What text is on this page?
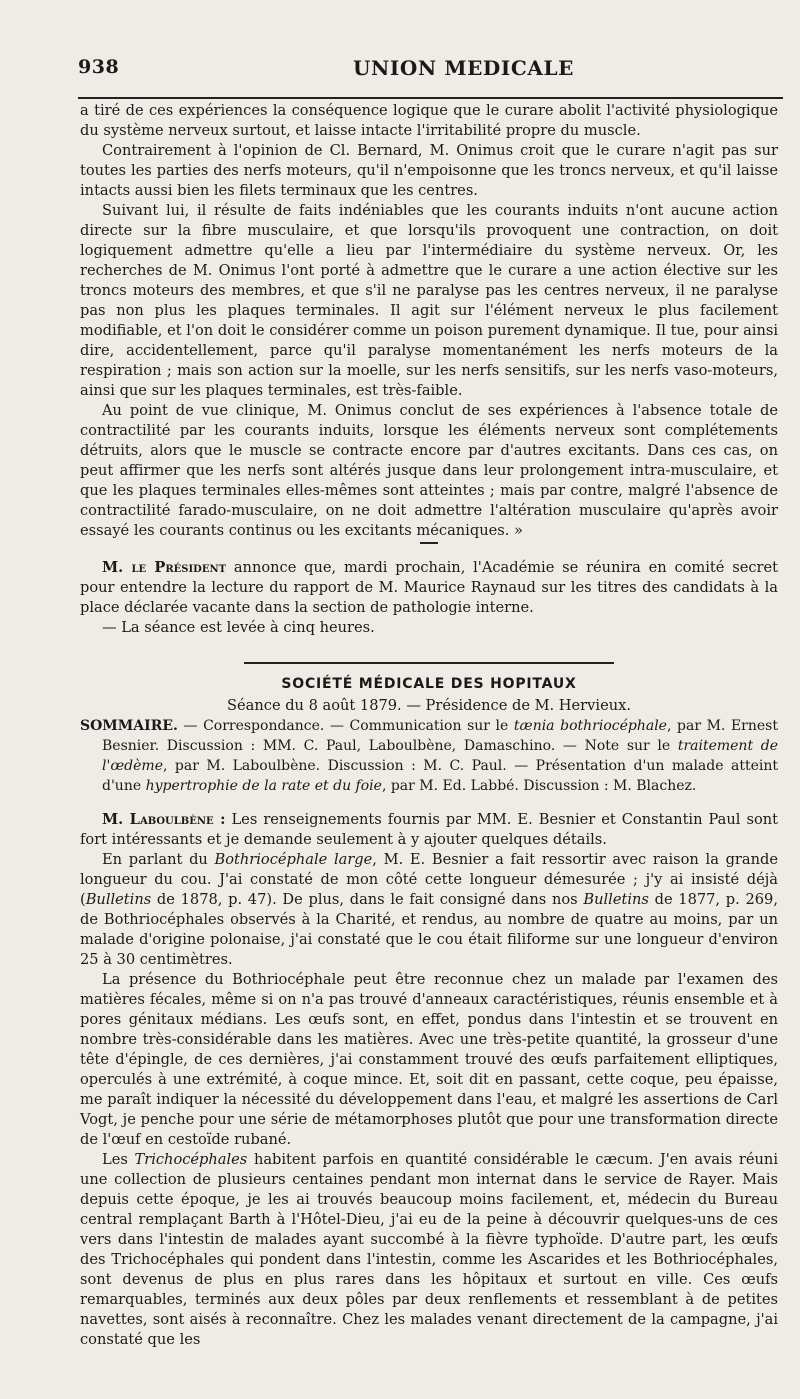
938	UNION MEDICALE

a tiré de ces expériences la conséquence logique que le curare abolit l'activité physiologique du système nerveux surtout, et laisse intacte l'irritabilité propre du muscle.

Contrairement à l'opinion de Cl. Bernard, M. Onimus croit que le curare n'agit pas sur toutes les parties des nerfs moteurs, qu'il n'empoisonne que les troncs nerveux, et qu'il laisse intacts aussi bien les filets terminaux que les centres.

Suivant lui, il résulte de faits indéniables que les courants induits n'ont aucune action directe sur la fibre musculaire, et que lorsqu'ils provoquent une contraction, on doit logiquement admettre qu'elle a lieu par l'intermédiaire du système nerveux. Or, les recherches de M. Onimus l'ont porté à admettre que le curare a une action élective sur les troncs moteurs des membres, et que s'il ne paralyse pas les centres nerveux, il ne paralyse pas non plus les plaques terminales. Il agit sur l'élément nerveux le plus facilement modifiable, et l'on doit le considérer comme un poison purement dynamique. Il tue, pour ainsi dire, accidentellement, parce qu'il paralyse momentanément les nerfs moteurs de la respiration ; mais son action sur la moelle, sur les nerfs sensitifs, sur les nerfs vaso-moteurs, ainsi que sur les plaques terminales, est très-faible.

Au point de vue clinique, M. Onimus conclut de ses expériences à l'absence totale de contractilité par les courants induits, lorsque les éléments nerveux sont complétements détruits, alors que le muscle se contracte encore par d'autres excitants. Dans ces cas, on peut affirmer que les nerfs sont altérés jusque dans leur prolongement intra-musculaire, et que les plaques terminales elles-mêmes sont atteintes ; mais par contre, malgré l'absence de contractilité farado-musculaire, on ne doit admettre l'altération musculaire qu'après avoir essayé les courants continus ou les excitants mécaniques. »

M. le Président annonce que, mardi prochain, l'Académie se réunira en comité secret pour entendre la lecture du rapport de M. Maurice Raynaud sur les titres des candidats à la place déclarée vacante dans la section de pathologie interne.

— La séance est levée à cinq heures.

SOCIÉTÉ MÉDICALE DES HOPITAUX
Séance du 8 août 1879. — Présidence de M. Hervieux.

SOMMAIRE. — Correspondance. — Communication sur le tænia bothriocéphale, par M. Ernest Besnier. Discussion : MM. C. Paul, Laboulbène, Damaschino. — Note sur le traitement de l'œdème, par M. Laboulbène. Discussion : M. C. Paul. — Présentation d'un malade atteint d'une hypertrophie de la rate et du foie, par M. Ed. Labbé. Discussion : M. Blachez.

M. Laboulbène : Les renseignements fournis par MM. E. Besnier et Constantin Paul sont fort intéressants et je demande seulement à y ajouter quelques détails.

En parlant du Bothriocéphale large, M. E. Besnier a fait ressortir avec raison la grande longueur du cou. J'ai constaté de mon côté cette longueur démesurée ; j'y ai insisté déjà (Bulletins de 1878, p. 47). De plus, dans le fait consigné dans nos Bulletins de 1877, p. 269, de Bothriocéphales observés à la Charité, et rendus, au nombre de quatre au moins, par un malade d'origine polonaise, j'ai constaté que le cou était filiforme sur une longueur d'environ 25 à 30 centimètres.

La présence du Bothriocéphale peut être reconnue chez un malade par l'examen des matières fécales, même si on n'a pas trouvé d'anneaux caractéristiques, réunis ensemble et à pores génitaux médians. Les œufs sont, en effet, pondus dans l'intestin et se trouvent en nombre très-considérable dans les matières. Avec une très-petite quantité, la grosseur d'une tête d'épingle, de ces dernières, j'ai constamment trouvé des œufs parfaitement elliptiques, operculés à une extrémité, à coque mince. Et, soit dit en passant, cette coque, peu épaisse, me paraît indiquer la nécessité du développement dans l'eau, et malgré les assertions de Carl Vogt, je penche pour une série de métamorphoses plutôt que pour une transformation directe de l'œuf en cestoïde rubané.

Les Trichocéphales habitent parfois en quantité considérable le cæcum. J'en avais réuni une collection de plusieurs centaines pendant mon internat dans le service de Rayer. Mais depuis cette époque, je les ai trouvés beaucoup moins facilement, et, médecin du Bureau central remplaçant Barth à l'Hôtel-Dieu, j'ai eu de la peine à découvrir quelques-uns de ces vers dans l'intestin de malades ayant succombé à la fièvre typhoïde. D'autre part, les œufs des Trichocéphales qui pondent dans l'intestin, comme les Ascarides et les Bothriocéphales, sont devenus de plus en plus rares dans les hôpitaux et surtout en ville. Ces œufs remarquables, terminés aux deux pôles par deux renflements et ressemblant à de petites navettes, sont aisés à reconnaître. Chez les malades venant directement de la campagne, j'ai constaté que les
